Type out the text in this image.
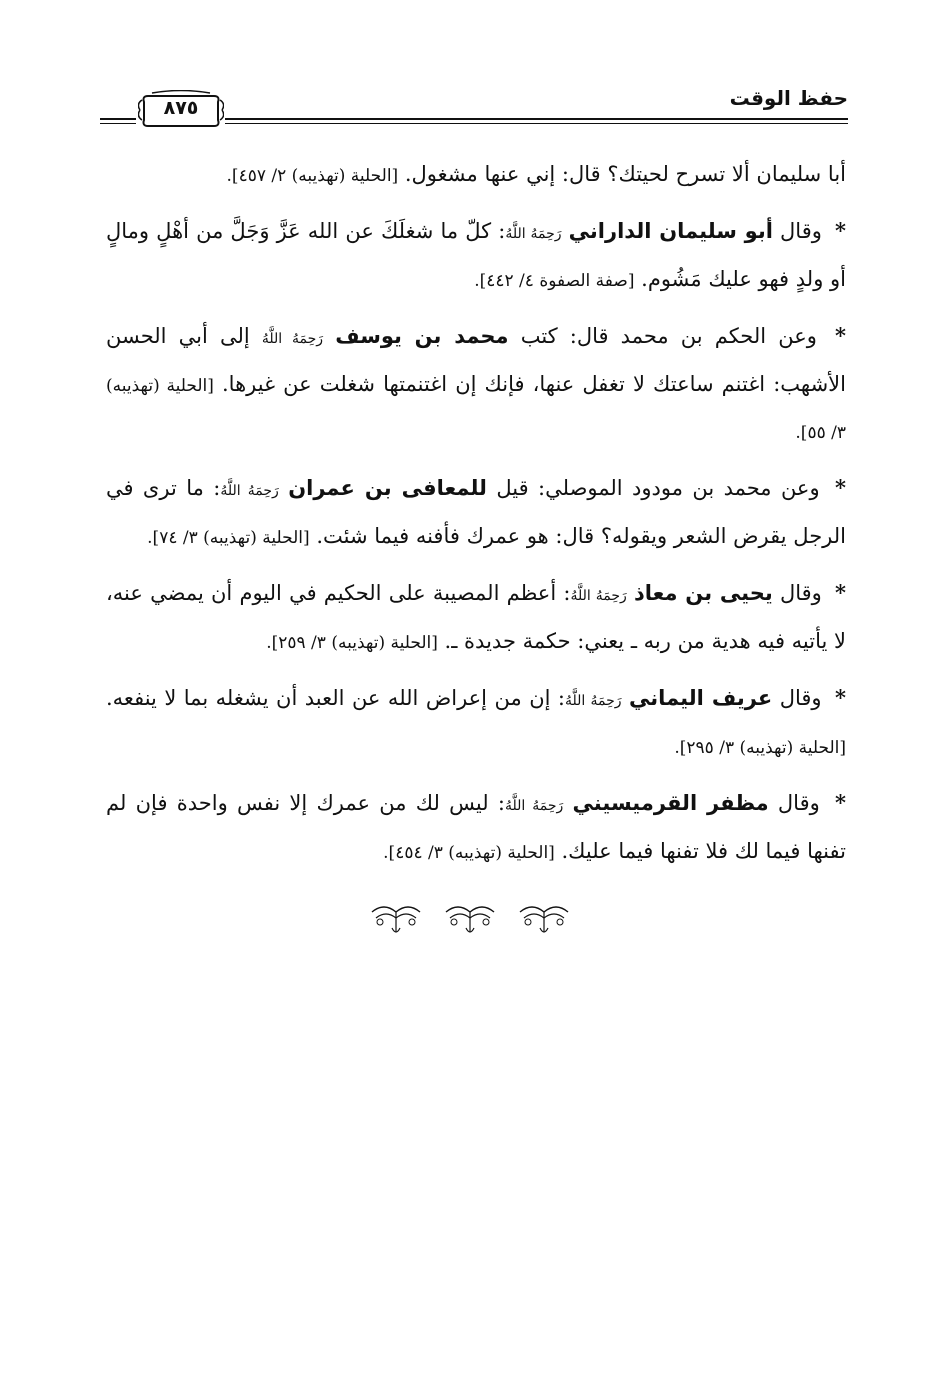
حفظ الوقت
٨٧٥

أبا سليمان ألا تسرح لحيتك؟ قال: إني عنها مشغول. [الحلية (تهذيبه) ٢/ ٤٥٧].

* وقال أبو سليمان الداراني رَحِمَهُ اللَّهُ: كلّ ما شغلَكَ عن الله عَزَّ وَجَلَّ من أهْلٍ ومالٍ أو ولدٍ فهو عليك مَشُوم. [صفة الصفوة ٤/ ٤٤٢].

* وعن الحكم بن محمد قال: كتب محمد بن يوسف رَحِمَهُ اللَّهُ إلى أبي الحسن الأشهب: اغتنم ساعتك لا تغفل عنها، فإنك إن اغتنمتها شغلت عن غيرها. [الحلية (تهذيبه) ٣/ ٥٥].

* وعن محمد بن مودود الموصلي: قيل للمعافى بن عمران رَحِمَهُ اللَّهُ: ما ترى في الرجل يقرض الشعر ويقوله؟ قال: هو عمرك فأفنه فيما شئت. [الحلية (تهذيبه) ٣/ ٧٤].

* وقال يحيى بن معاذ رَحِمَهُ اللَّهُ: أعظم المصيبة على الحكيم في اليوم أن يمضي عنه، لا يأتيه فيه هدية من ربه ـ يعني: حكمة جديدة ـ. [الحلية (تهذيبه) ٣/ ٢٥٩].

* وقال عريف اليماني رَحِمَهُ اللَّهُ: إن من إعراض الله عن العبد أن يشغله بما لا ينفعه. [الحلية (تهذيبه) ٣/ ٢٩٥].

* وقال مظفر القرميسيني رَحِمَهُ اللَّهُ: ليس لك من عمرك إلا نفس واحدة فإن لم تفنها فيما لك فلا تفنها فيما عليك. [الحلية (تهذيبه) ٣/ ٤٥٤].
